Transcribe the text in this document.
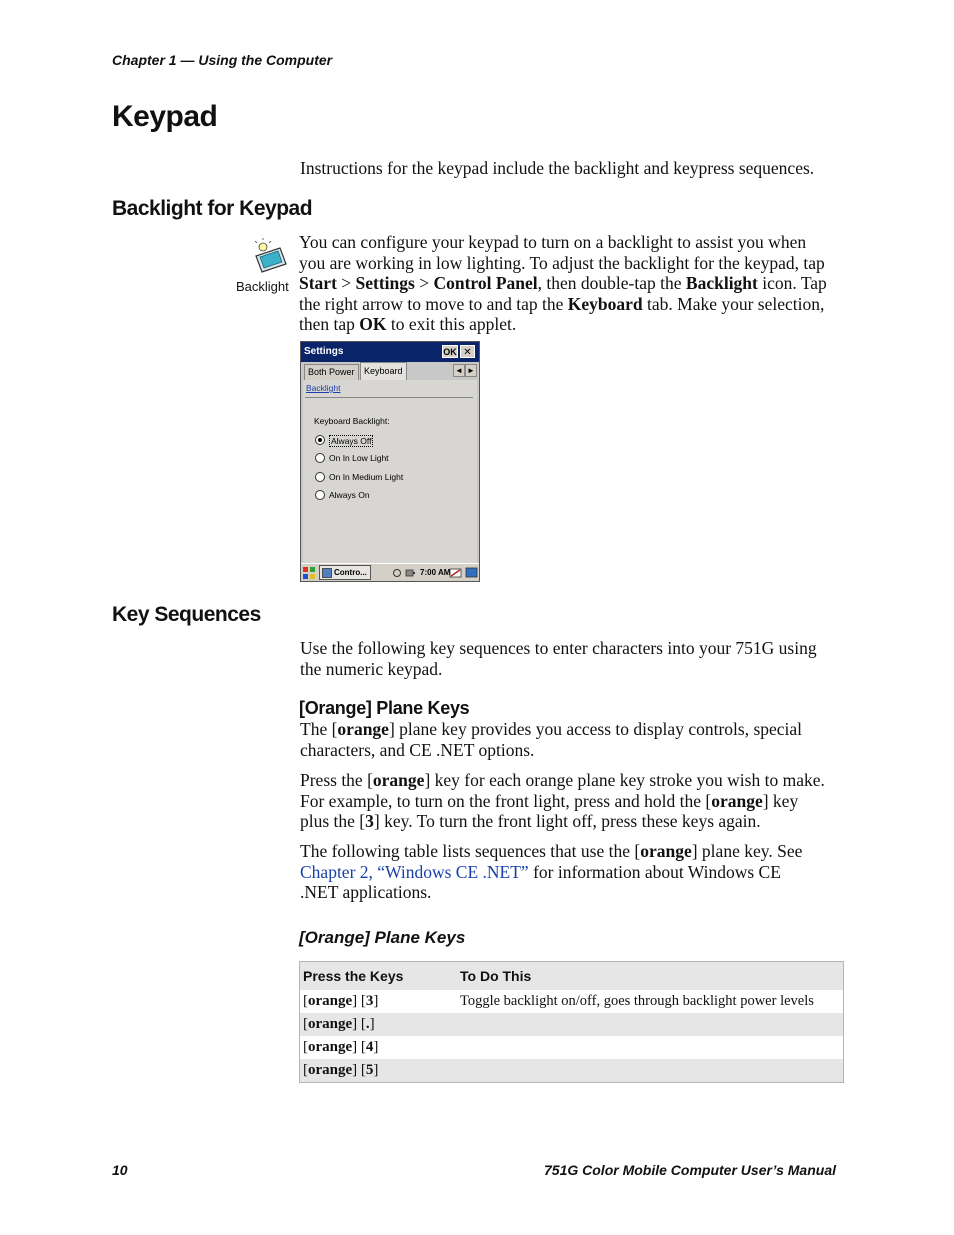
Chapter 1 — Using the Computer
Keypad
Instructions for the keypad include the backlight and keypress sequences.
Backlight for Keypad
Backlight
You can configure your keypad to turn on a backlight to assist you when
you are working in low lighting. To adjust the backlight for the keypad, tap
Start > Settings > Control Panel, then double-tap the Backlight icon. Tap
the right arrow to move to and tap the Keyboard tab. Make your selection,
then tap OK to exit this applet.
Settings	OK ✕
Both Power	Keyboard	◄ ►
Backlight
Keyboard Backlight:
Always Off
On In Low Light
On In Medium Light
Always On
Contro...	7:00 AM
Key Sequences
Use the following key sequences to enter characters into your 751G using
the numeric keypad.
[Orange] Plane Keys
The [orange] plane key provides you access to display controls, special
characters, and CE .NET options.
Press the [orange] key for each orange plane key stroke you wish to make.
For example, to turn on the front light, press and hold the [orange] key
plus the [3] key. To turn the front light off, press these keys again.
The following table lists sequences that use the [orange] plane key. See
Chapter 2, “Windows CE .NET” for information about Windows CE
.NET applications.
[Orange] Plane Keys
Press the Keys	To Do This
[orange] [3]	Toggle backlight on/off, goes through backlight power levels
[orange] [.]	
[orange] [4]	
[orange] [5]	
10	751G Color Mobile Computer User’s Manual
